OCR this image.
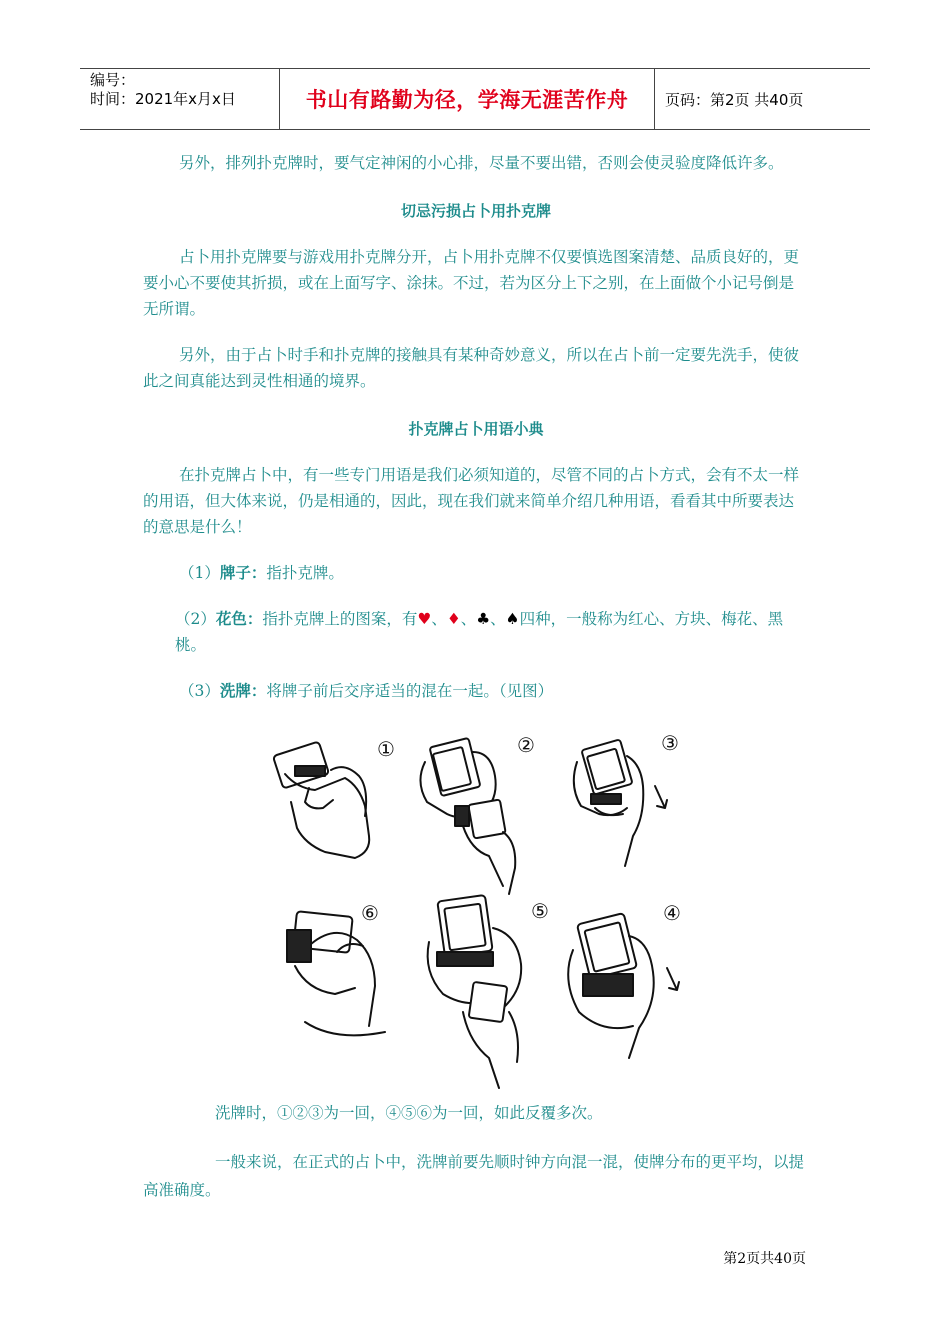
编号：
时间：2021年x月x日	书山有路勤为径，学海无涯苦作舟	页码：第2页 共40页

另外，排列扑克牌时，要气定神闲的小心排，尽量不要出错，否则会使灵验度降低许多。

切忌污损占卜用扑克牌

占卜用扑克牌要与游戏用扑克牌分开，占卜用扑克牌不仅要慎选图案清楚、品质良好的，更要小心不要使其折损，或在上面写字、涂抹。不过，若为区分上下之别，在上面做个小记号倒是无所谓。

另外，由于占卜时手和扑克牌的接触具有某种奇妙意义，所以在占卜前一定要先洗手，使彼此之间真能达到灵性相通的境界。

扑克牌占卜用语小典

在扑克牌占卜中，有一些专门用语是我们必须知道的，尽管不同的占卜方式，会有不太一样的用语，但大体来说，仍是相通的，因此，现在我们就来简单介绍几种用语，看看其中所要表达的意思是什么！

（1）牌子：指扑克牌。

（2）花色：指扑克牌上的图案，有♥、♦、♣、♠四种，一般称为红心、方块、梅花、黑桃。

（3）洗牌：将牌子前后交序适当的混在一起。（见图）

①	②	③
⑥	⑤	④

洗牌时，①②③为一回，④⑤⑥为一回，如此反覆多次。

一般来说，在正式的占卜中，洗牌前要先顺时钟方向混一混，使牌分布的更平均，以提高准确度。

第2页共40页
